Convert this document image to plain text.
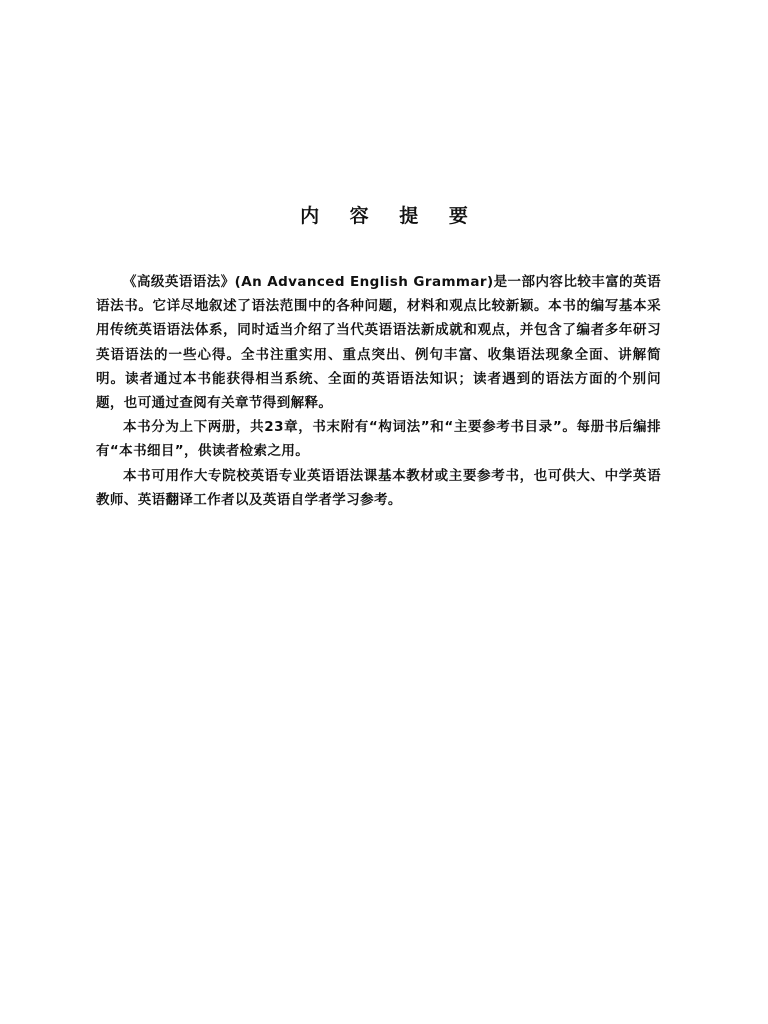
内 容 提 要

《高级英语语法》(An Advanced English Grammar)是一部内容比较丰富的英语语法书。它详尽地叙述了语法范围中的各种问题，材料和观点比较新颖。本书的编写基本采用传统英语语法体系，同时适当介绍了当代英语语法新成就和观点，并包含了编者多年研习英语语法的一些心得。全书注重实用、重点突出、例句丰富、收集语法现象全面、讲解简明。读者通过本书能获得相当系统、全面的英语语法知识；读者遇到的语法方面的个别问题，也可通过查阅有关章节得到解释。

本书分为上下两册，共23章，书末附有“构词法”和“主要参考书目录”。每册书后编排有“本书细目”，供读者检索之用。

本书可用作大专院校英语专业英语语法课基本教材或主要参考书，也可供大、中学英语教师、英语翻译工作者以及英语自学者学习参考。
